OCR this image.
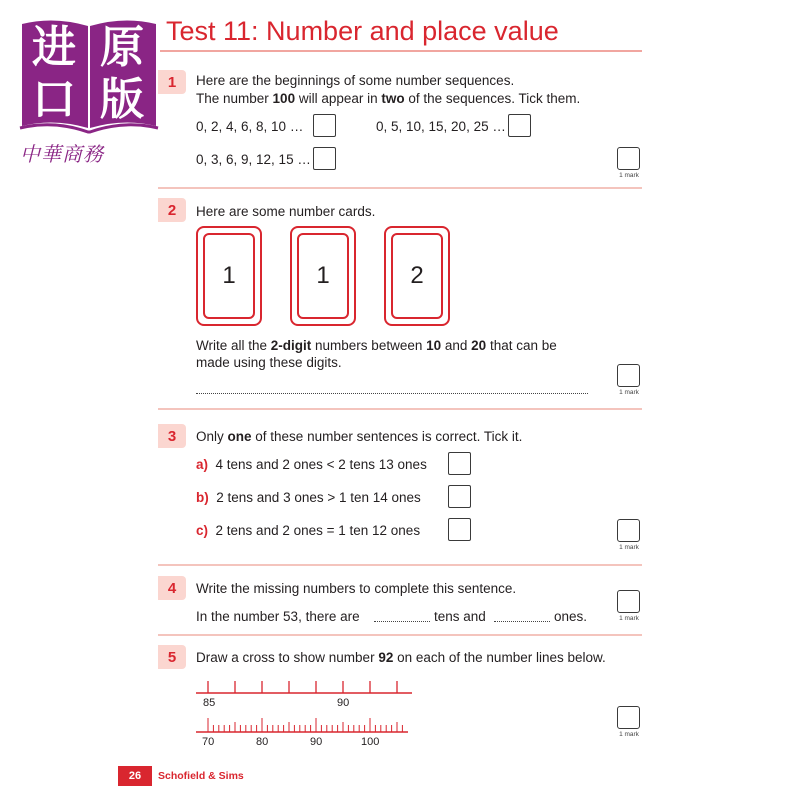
进 原
口 版
中華商務
Test 11: Number and place value
1	Here are the beginnings of some number sequences.
The number 100 will appear in two of the sequences. Tick them.
0, 2, 4, 6, 8, 10 …	0, 5, 10, 15, 20, 25 …
0, 3, 6, 9, 12, 15 …
1 mark
2	Here are some number cards.
1	1	2
Write all the 2-digit numbers between 10 and 20 that can be
made using these digits.
1 mark
3	Only one of these number sentences is correct. Tick it.
a) 4 tens and 2 ones < 2 tens 13 ones
b) 2 tens and 3 ones > 1 ten 14 ones
c) 2 tens and 2 ones = 1 ten 12 ones
1 mark
4	Write the missing numbers to complete this sentence.
In the number 53, there are	tens and	ones.	1 mark
5	Draw a cross to show number 92 on each of the number lines below.
85	90
70	80	90	100
1 mark
26	Schofield & Sims
